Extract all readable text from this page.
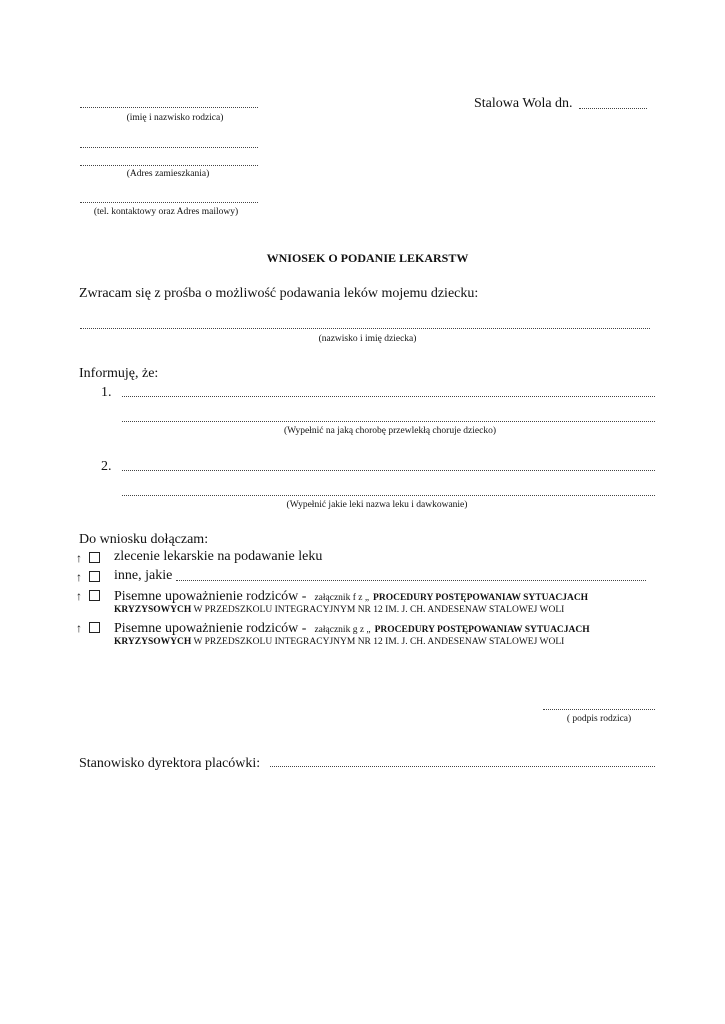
(imię i nazwisko rodzica)
(Adres zamieszkania)
(tel. kontaktowy oraz Adres mailowy)
Stalowa Wola dn.
WNIOSEK O PODANIE LEKARSTW
Zwracam się z prośba o możliwość podawania leków mojemu dziecku:
(nazwisko i imię dziecka)
Informuję, że:
1.
(Wypełnić na jaką chorobę przewlekłą choruje dziecko)
2.
(Wypełnić jakie leki nazwa leku i dawkowanie)
Do wniosku dołączam:
↑ zlecenie lekarskie na podawanie leku
↑ inne, jakie
↑ Pisemne upoważnienie rodziców - załącznik f z „ PROCEDURY POSTĘPOWANIAW SYTUACJACH
KRYZYSOWYCH W PRZEDSZKOLU INTEGRACYJNYM NR 12 IM. J. CH. ANDESENAW STALOWEJ WOLI
↑ Pisemne upoważnienie rodziców - załącznik g z „ PROCEDURY POSTĘPOWANIAW SYTUACJACH
KRYZYSOWYCH W PRZEDSZKOLU INTEGRACYJNYM NR 12 IM. J. CH. ANDESENAW STALOWEJ WOLI
( podpis rodzica)
Stanowisko dyrektora placówki:
